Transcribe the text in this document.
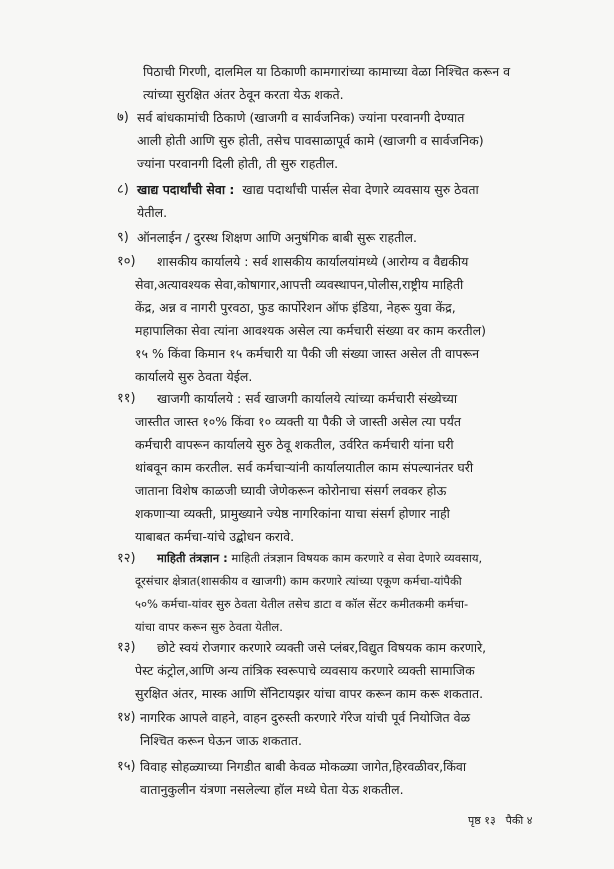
पिठाची गिरणी, दालमिल या ठिकाणी कामगारांच्या कामाच्या वेळा निश्चित करून व
त्यांच्या सुरक्षित अंतर ठेवून करता येऊ शकते.
७) सर्व बांधकामांची ठिकाणे (खाजगी व सार्वजनिक) ज्यांना परवानगी देण्यात
आली होती आणि सुरु होती, तसेच पावसाळापूर्व कामे (खाजगी व सार्वजनिक)
ज्यांना परवानगी दिली होती, ती सुरु राहतील.
८) खाद्य पदार्थांची सेवा : खाद्य पदार्थांची पार्सल सेवा देणारे व्यवसाय सुरु ठेवता
येतील.
९) ऑनलाईन / दुरस्थ शिक्षण आणि अनुषंगिक बाबी सुरू राहतील.
१०) शासकीय कार्यालये : सर्व शासकीय कार्यालयांमध्ये (आरोग्य व वैद्यकीय
सेवा,अत्यावश्यक सेवा,कोषागार,आपत्ती व्यवस्थापन,पोलीस,राष्ट्रीय माहिती
केंद्र, अन्न व नागरी पुरवठा, फुड कार्पोरेशन ऑफ इंडिया, नेहरू युवा केंद्र,
महापालिका सेवा त्यांना आवश्यक असेल त्या कर्मचारी संख्या वर काम करतील)
१५ % किंवा किमान १५ कर्मचारी या पैकी जी संख्या जास्त असेल ती वापरून
कार्यालये सुरु ठेवता येईल.
११) खाजगी कार्यालये : सर्व खाजगी कार्यालये त्यांच्या कर्मचारी संख्येच्या
जास्तीत जास्त १०% किंवा १० व्यक्ती या पैकी जे जास्ती असेल त्या पर्यंत
कर्मचारी वापरून कार्यालये सुरु ठेवू शकतील, उर्वरित कर्मचारी यांना घरी
थांबवून काम करतील. सर्व कर्मचाऱ्यांनी कार्यालयातील काम संपल्यानंतर घरी
जाताना विशेष काळजी घ्यावी जेणेकरून कोरोनाचा संसर्ग लवकर होऊ
शकणाऱ्या व्यक्ती, प्रामुख्याने ज्येष्ठ नागरिकांना याचा संसर्ग होणार नाही
याबाबत कर्मचा-यांचे उद्बोधन करावे.
१२) माहिती तंत्रज्ञान : माहिती तंत्रज्ञान विषयक काम करणारे व सेवा देणारे व्यवसाय,
दूरसंचार क्षेत्रात(शासकीय व खाजगी) काम करणारे त्यांच्या एकूण कर्मचा-यांपैकी
५०% कर्मचा-यांवर सुरु ठेवता येतील तसेच डाटा व कॉल सेंटर कमीतकमी कर्मचा-
यांचा वापर करून सुरु ठेवता येतील.
१३) छोटे स्वयं रोजगार करणारे व्यक्ती जसे प्लंबर,विद्युत विषयक काम करणारे,
पेस्ट कंट्रोल,आणि अन्य तांत्रिक स्वरूपाचे व्यवसाय करणारे व्यक्ती सामाजिक
सुरक्षित अंतर, मास्क आणि सॅनिटायझर यांचा वापर करून काम करू शकतात.
१४) नागरिक आपले वाहने, वाहन दुरुस्ती करणारे गॅरेज यांची पूर्व नियोजित वेळ
निश्चित करून घेऊन जाऊ शकतात.
१५) विवाह सोहळ्याच्या निगडीत बाबी केवळ मोकळ्या जागेत,हिरवळीवर,किंवा
वातानुकुलीन यंत्रणा नसलेल्या हॉल मध्ये घेता येऊ शकतील.
पृष्ठ १३ पैकी ४
